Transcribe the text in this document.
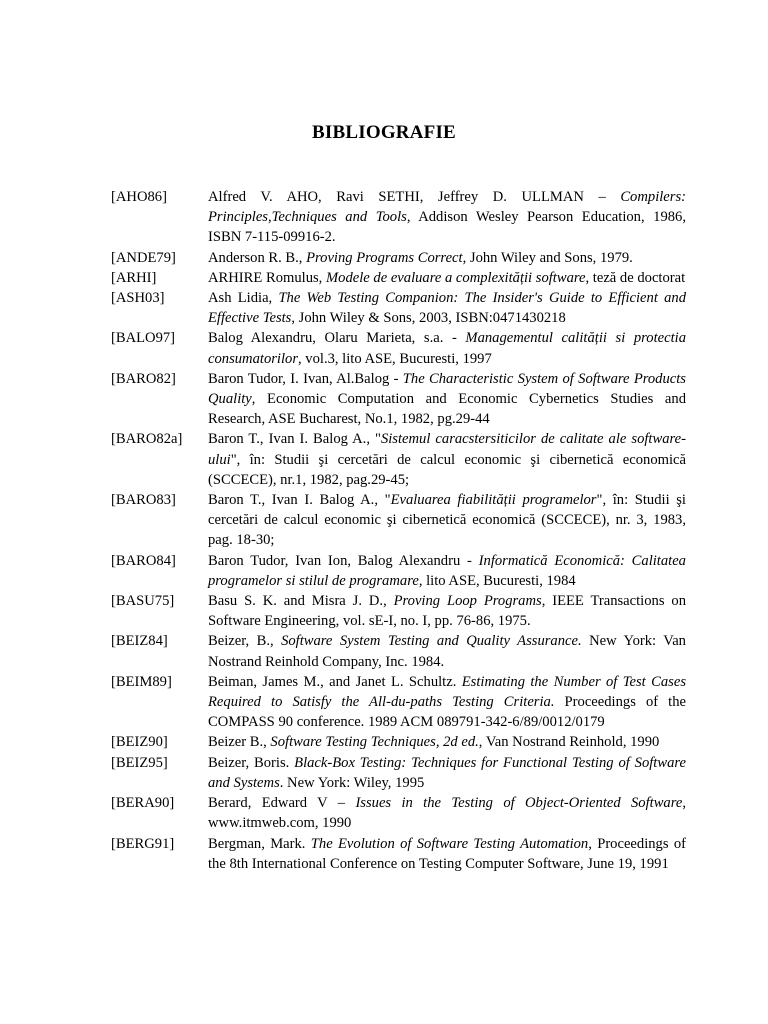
BIBLIOGRAFIE
[AHO86]	Alfred V. AHO, Ravi SETHI, Jeffrey D. ULLMAN – Compilers: Principles,Techniques and Tools, Addison Wesley Pearson Education, 1986, ISBN 7-115-09916-2.
[ANDE79]	Anderson R. B., Proving Programs Correct, John Wiley and Sons, 1979.
[ARHI]	ARHIRE Romulus, Modele de evaluare a complexității software, teză de doctorat
[ASH03]	Ash Lidia, The Web Testing Companion: The Insider's Guide to Efficient and Effective Tests, John Wiley & Sons, 2003, ISBN:0471430218
[BALO97]	Balog Alexandru, Olaru Marieta, s.a. - Managementul calității si protectia consumatorilor, vol.3, lito ASE, Bucuresti, 1997
[BARO82]	Baron Tudor, I. Ivan, Al.Balog - The Characteristic System of Software Products Quality, Economic Computation and Economic Cybernetics Studies and Research, ASE Bucharest, No.1, 1982, pg.29-44
[BARO82a]	Baron T., Ivan I. Balog A., "Sistemul caracstersiticilor de calitate ale software-ului", în: Studii şi cercetări de calcul economic şi cibernetică economică (SCCECE), nr.1, 1982, pag.29-45;
[BARO83]	Baron T., Ivan I. Balog A., "Evaluarea fiabilității programelor", în: Studii şi cercetări de calcul economic şi cibernetică economică (SCCECE), nr. 3, 1983, pag. 18-30;
[BARO84]	Baron Tudor, Ivan Ion, Balog Alexandru - Informatică Economică: Calitatea programelor si stilul de programare, lito ASE, Bucuresti, 1984
[BASU75]	Basu S. K. and Misra J. D., Proving Loop Programs, IEEE Transactions on Software Engineering, vol. sE-I, no. I, pp. 76-86, 1975.
[BEIZ84]	Beizer, B., Software System Testing and Quality Assurance. New York: Van Nostrand Reinhold Company, Inc. 1984.
[BEIM89]	Beiman, James M., and Janet L. Schultz. Estimating the Number of Test Cases Required to Satisfy the All-du-paths Testing Criteria. Proceedings of the COMPASS 90 conference. 1989 ACM 089791-342-6/89/0012/0179
[BEIZ90]	Beizer B., Software Testing Techniques, 2d ed., Van Nostrand Reinhold, 1990
[BEIZ95]	Beizer, Boris. Black-Box Testing: Techniques for Functional Testing of Software and Systems. New York: Wiley, 1995
[BERA90]	Berard, Edward V – Issues in the Testing of Object-Oriented Software, www.itmweb.com, 1990
[BERG91]	Bergman, Mark. The Evolution of Software Testing Automation, Proceedings of the 8th International Conference on Testing Computer Software, June 19, 1991
